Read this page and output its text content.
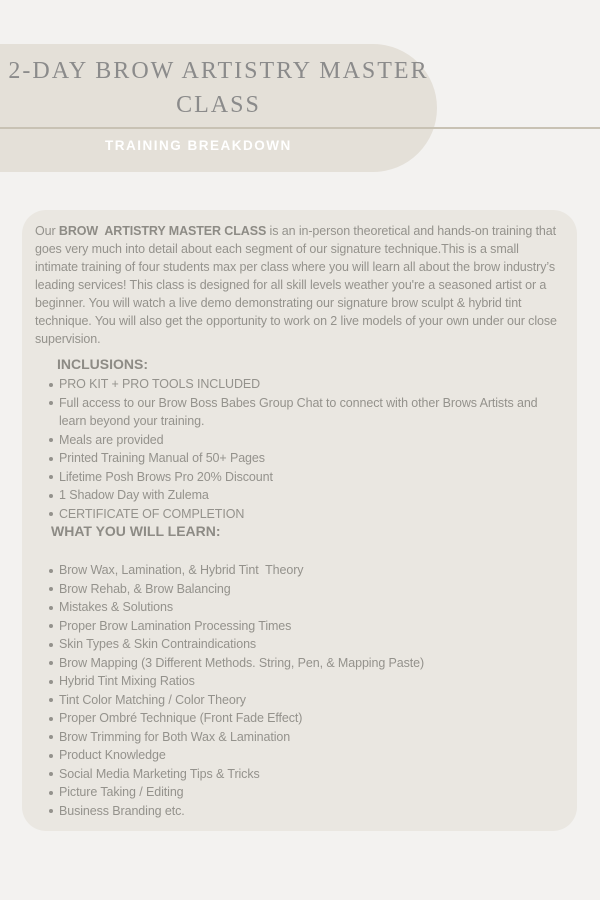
2-DAY BROW ARTISTRY MASTER
CLASS
TRAINING BREAKDOWN

Our BROW  ARTISTRY MASTER CLASS is an in-person theoretical and hands-on training that goes very much into detail about each segment of our signature technique.This is a small intimate training of four students max per class where you will learn all about the brow industry’s leading services! This class is designed for all skill levels weather you're a seasoned artist or a beginner. You will watch a live demo demonstrating our signature brow sculpt & hybrid tint technique. You will also get the opportunity to work on 2 live models of your own under our close supervision.

INCLUSIONS:
PRO KIT + PRO TOOLS INCLUDED
Full access to our Brow Boss Babes Group Chat to connect with other Brows Artists and  learn beyond your training.
Meals are provided
Printed Training Manual of 50+ Pages
Lifetime Posh Brows Pro 20% Discount
1 Shadow Day with Zulema
CERTIFICATE OF COMPLETION
WHAT YOU WILL LEARN:
Brow Wax, Lamination, & Hybrid Tint  Theory
Brow Rehab, & Brow Balancing
Mistakes & Solutions
Proper Brow Lamination Processing Times
Skin Types & Skin Contraindications
Brow Mapping (3 Different Methods. String, Pen, & Mapping Paste)
Hybrid Tint Mixing Ratios
Tint Color Matching / Color Theory
Proper Ombré Technique (Front Fade Effect)
Brow Trimming for Both Wax & Lamination
Product Knowledge
Social Media Marketing Tips & Tricks
Picture Taking / Editing
Business Branding etc.
